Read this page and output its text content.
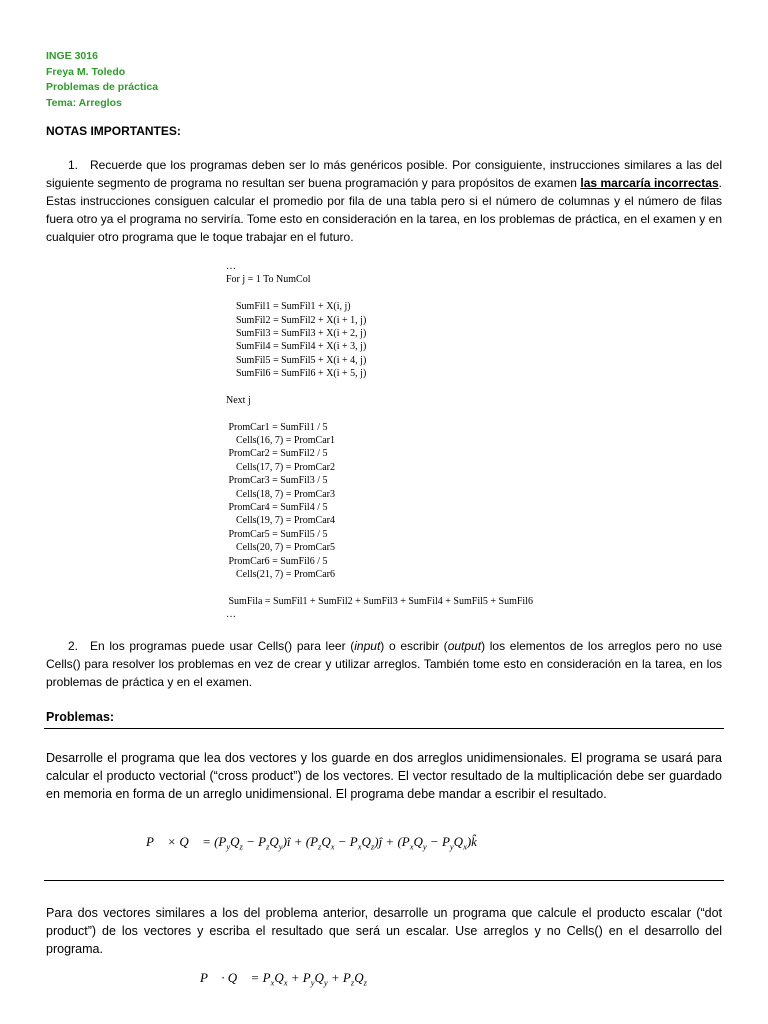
INGE 3016
Freya M. Toledo
Problemas de práctica
Tema: Arreglos
NOTAS IMPORTANTES:
1. Recuerde que los programas deben ser lo más genéricos posible. Por consiguiente, instrucciones similares a las del siguiente segmento de programa no resultan ser buena programación y para propósitos de examen las marcaría incorrectas. Estas instrucciones consiguen calcular el promedio por fila de una tabla pero si el número de columnas y el número de filas fuera otro ya el programa no serviría. Tome esto en consideración en la tarea, en los problemas de práctica, en el examen y en cualquier otro programa que le toque trabajar en el futuro.
…
For j = 1 To NumCol
SumFil1 = SumFil1 + X(i, j)
SumFil2 = SumFil2 + X(i + 1, j)
SumFil3 = SumFil3 + X(i + 2, j)
SumFil4 = SumFil4 + X(i + 3, j)
SumFil5 = SumFil5 + X(i + 4, j)
SumFil6 = SumFil6 + X(i + 5, j)
Next j
PromCar1 = SumFil1 / 5
Cells(16, 7) = PromCar1
PromCar2 = SumFil2 / 5
Cells(17, 7) = PromCar2
PromCar3 = SumFil3 / 5
Cells(18, 7) = PromCar3
PromCar4 = SumFil4 / 5
Cells(19, 7) = PromCar4
PromCar5 = SumFil5 / 5
Cells(20, 7) = PromCar5
PromCar6 = SumFil6 / 5
Cells(21, 7) = PromCar6
SumFila = SumFil1 + SumFil2 + SumFil3 + SumFil4 + SumFil5 + SumFil6
…
2. En los programas puede usar Cells() para leer (input) o escribir (output) los elementos de los arreglos pero no use Cells() para resolver los problemas en vez de crear y utilizar arreglos. También tome esto en consideración en la tarea, en los problemas de práctica y en el examen.
Problemas:
Desarrolle el programa que lea dos vectores y los guarde en dos arreglos unidimensionales. El programa se usará para calcular el producto vectorial (“cross product”) de los vectores. El vector resultado de la multiplicación debe ser guardado en memoria en forma de un arreglo unidimensional. El programa debe mandar a escribir el resultado.
P⃗ × Q⃗ = ($P_yQ_z$ − $P_zQ_y)î + (P_zQ_x$ − $P_xQ_z)ĵ + (P_xQ_y$ − $P_yQ_x)k̂$
Para dos vectores similares a los del problema anterior, desarrolle un programa que calcule el producto escalar (“dot product”) de los vectores y escriba el resultado que será un escalar. Use arreglos y no Cells() en el desarrollo del programa.
P⃗ · Q⃗ = $P_xQ_x + P_yQ_y + P_zQ_z$
